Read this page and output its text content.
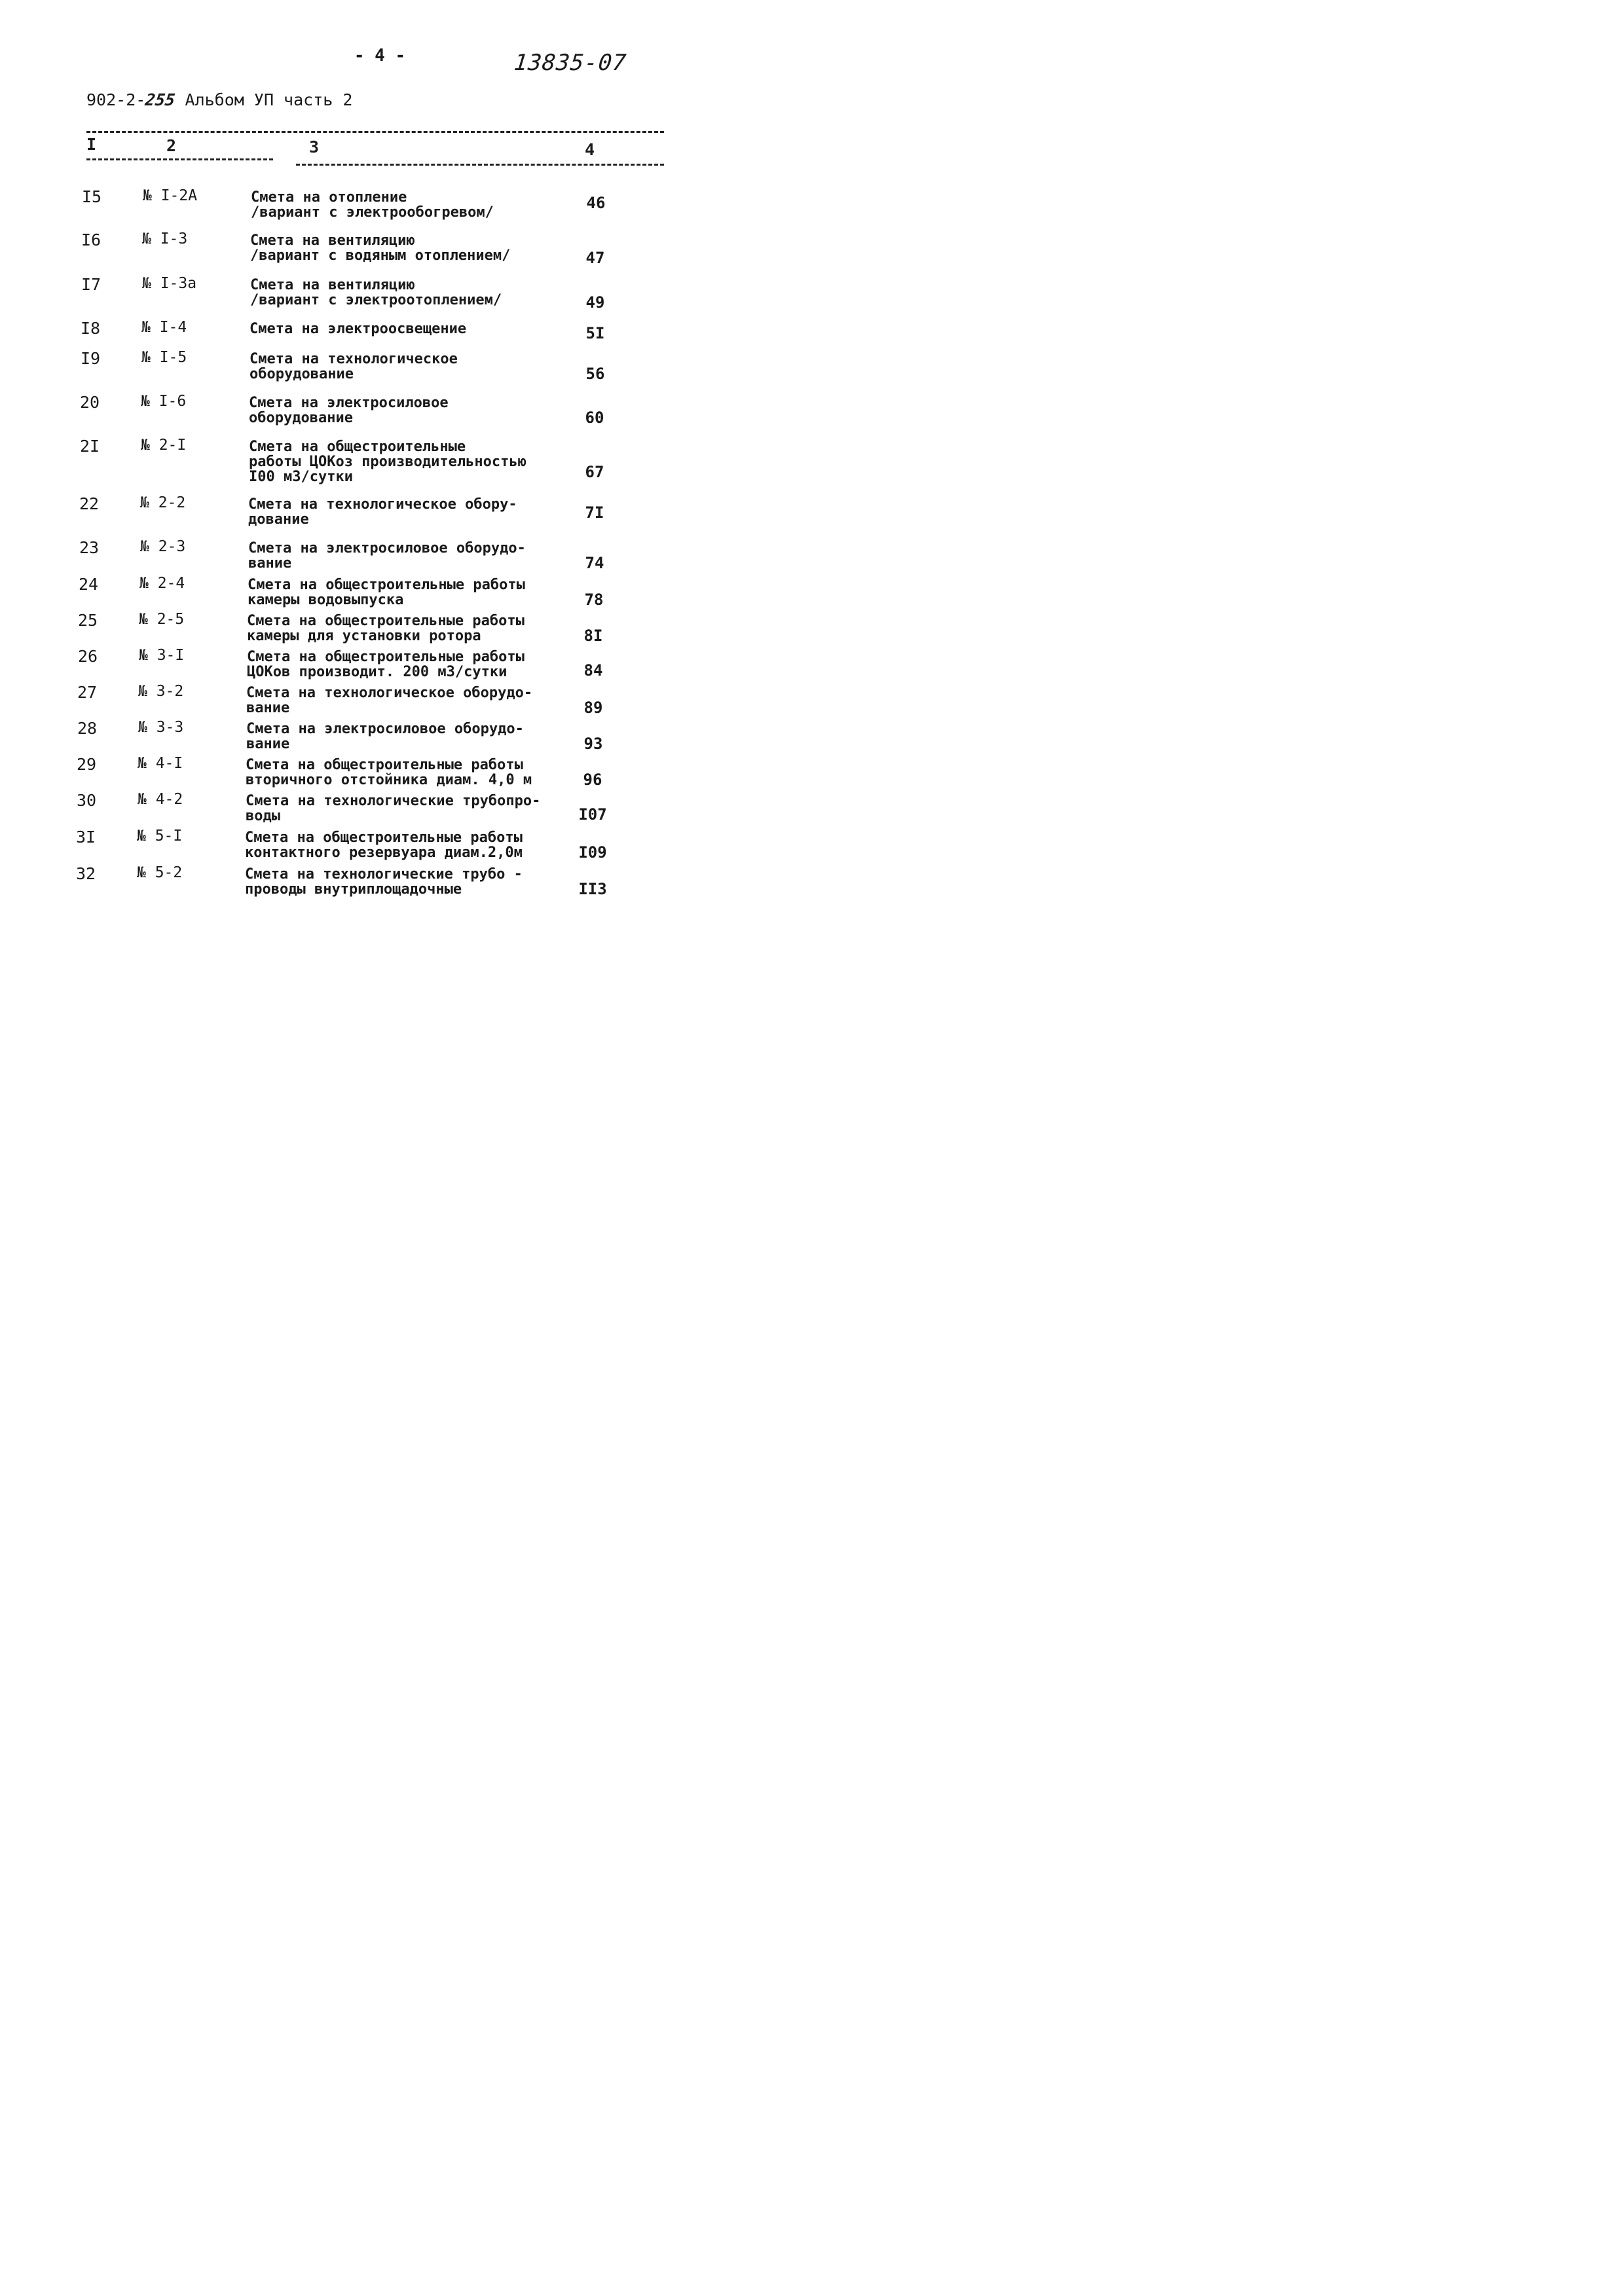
- 4 -	13835-07
902-2-255 Альбом УП часть 2
I	2	3	4
I5	№ I-2А	Смета на отопление
/вариант с электрообогревом/
46
I6	№ I-3	Смета на вентиляцию
/вариант с водяным отоплением/	47
I7	№ I-3а	Смета на вентиляцию
/вариант с электроотоплением/	49
I8	№ I-4	Смета на электроосвещение	5I
I9	№ I-5	Смета на технологическое
оборудование	56
20	№ I-6	Смета на электросиловое
оборудование	60
2I	№ 2-I	Смета на общестроительные
работы ЦОКоз производительностью
I00 м3/сутки	67
22	№ 2-2	Смета на технологическое обору-
дование	7I
23	№ 2-3	Смета на электросиловое оборудо-
вание	74
24	№ 2-4	Смета на общестроительные работы
камеры водовыпуска	78
25	№ 2-5	Смета на общестроительные работы
камеры для установки ротора	8I
26	№ 3-I	Смета на общестроительные работы
ЦОКов производит. 200 м3/сутки	84
27	№ 3-2	Смета на технологическое оборудо-
вание	89
28	№ 3-3	Смета на электросиловое оборудо-
вание	93
29	№ 4-I	Смета на общестроительные работы
вторичного отстойника диам. 4,0 м	96
30	№ 4-2	Смета на технологические трубопро-
воды	I07
3I	№ 5-I	Смета на общестроительные работы
контактного резервуара диам.2,0м	I09
32	№ 5-2	Смета на технологические трубо -
проводы внутриплощадочные	II3
